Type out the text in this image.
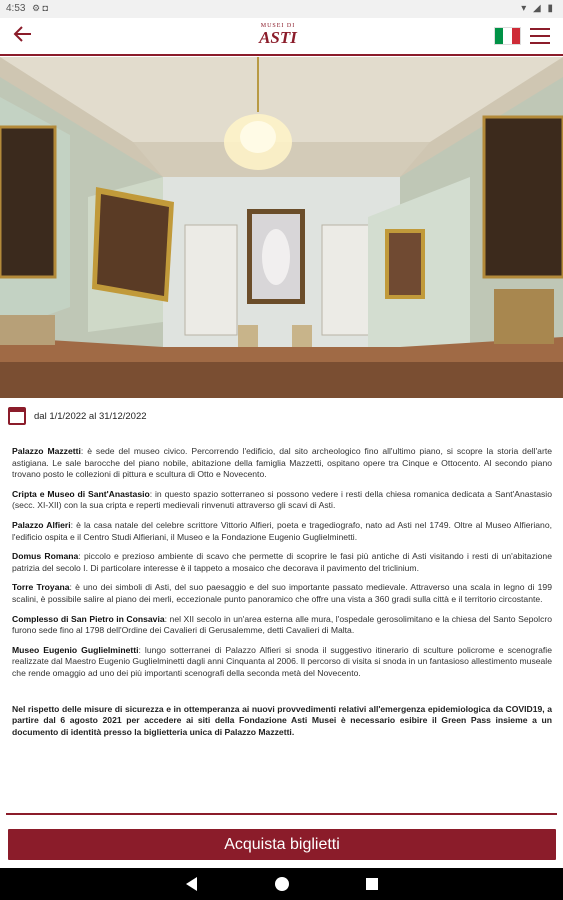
4:53 ⚙ ◘	▾ ◢ ▮
MUSEI DI
ASTI
dal 1/1/2022 al 31/12/2022

Palazzo Mazzetti: è sede del museo civico. Percorrendo l'edificio, dal sito archeologico fino all'ultimo piano, si scopre la storia dell'arte astigiana. Le sale barocche del piano nobile, abitazione della famiglia Mazzetti, ospitano opere tra Cinque e Ottocento. Al secondo piano trovano posto le collezioni di pittura e scultura di Otto e Novecento.

Cripta e Museo di Sant'Anastasio: in questo spazio sotterraneo si possono vedere i resti della chiesa romanica dedicata a Sant'Anastasio (secc. XI-XII) con la sua cripta e reperti medievali rinvenuti attraverso gli scavi di Asti.

Palazzo Alfieri: è la casa natale del celebre scrittore Vittorio Alfieri, poeta e tragediografo, nato ad Asti nel 1749. Oltre al Museo Alfieriano, l'edificio ospita e il Centro Studi Alfieriani, il Museo e la Fondazione Eugenio Guglielminetti.

Domus Romana: piccolo e prezioso ambiente di scavo che permette di scoprire le fasi più antiche di Asti visitando i resti di un'abitazione patrizia del secolo I. Di particolare interesse è il tappeto a mosaico che decorava il pavimento del triclinium.

Torre Troyana: è uno dei simboli di Asti, del suo paesaggio e del suo importante passato medievale. Attraverso una scala in legno di 199 scalini, è possibile salire al piano dei merli, eccezionale punto panoramico che offre una vista a 360 gradi sulla città e il territorio circostante.

Complesso di San Pietro in Consavia: nel XII secolo in un'area esterna alle mura, l'ospedale gerosolimitano e la chiesa del Santo Sepolcro furono sede fino al 1798 dell'Ordine dei Cavalieri di Gerusalemme, detti Cavalieri di Malta.

Museo Eugenio Guglielminetti: lungo sotterranei di Palazzo Alfieri si snoda il suggestivo itinerario di sculture policrome e scenografie realizzate dal Maestro Eugenio Guglielminetti dagli anni Cinquanta al 2006. Il percorso di visita si snoda in un fantasioso allestimento museale che rende omaggio ad uno dei più importanti scenografi della seconda metà del Novecento.

Nel rispetto delle misure di sicurezza e in ottemperanza ai nuovi provvedimenti relativi all'emergenza epidemiologica da COVID19, a partire dal 6 agosto 2021 per accedere ai siti della Fondazione Asti Musei è necessario esibire il Green Pass insieme a un documento di identità presso la biglietteria unica di Palazzo Mazzetti.

Acquista biglietti
